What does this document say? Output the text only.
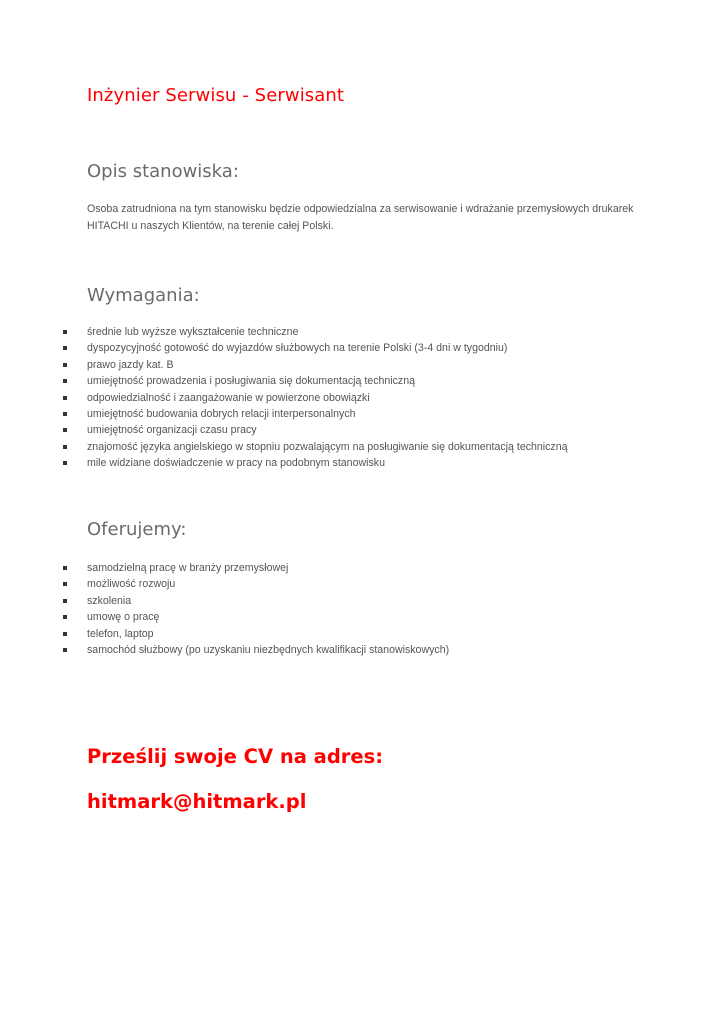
Inżynier Serwisu - Serwisant
Opis stanowiska:

Osoba zatrudniona na tym stanowisku będzie odpowiedzialna za serwisowanie i wdrażanie przemysłowych drukarek HITACHI u naszych Klientów, na terenie całej Polski.

Wymagania:
średnie lub wyższe wykształcenie techniczne
dyspozycyjność gotowość do wyjazdów służbowych na terenie Polski (3-4 dni w tygodniu)
prawo jazdy kat. B
umiejętność prowadzenia i posługiwania się dokumentacją techniczną
odpowiedzialność i zaangażowanie w powierzone obowiązki
umiejętność budowania dobrych relacji interpersonalnych
umiejętność organizacji czasu pracy
znajomość języka angielskiego w stopniu pozwalającym na posługiwanie się dokumentacją techniczną
mile widziane doświadczenie w pracy na podobnym stanowisku
Oferujemy:
samodzielną pracę w branży przemysłowej
możliwość rozwoju
szkolenia
umowę o pracę
telefon, laptop
samochód służbowy (po uzyskaniu niezbędnych kwalifikacji stanowiskowych)
Prześlij swoje CV na adres:
hitmark@hitmark.pl
